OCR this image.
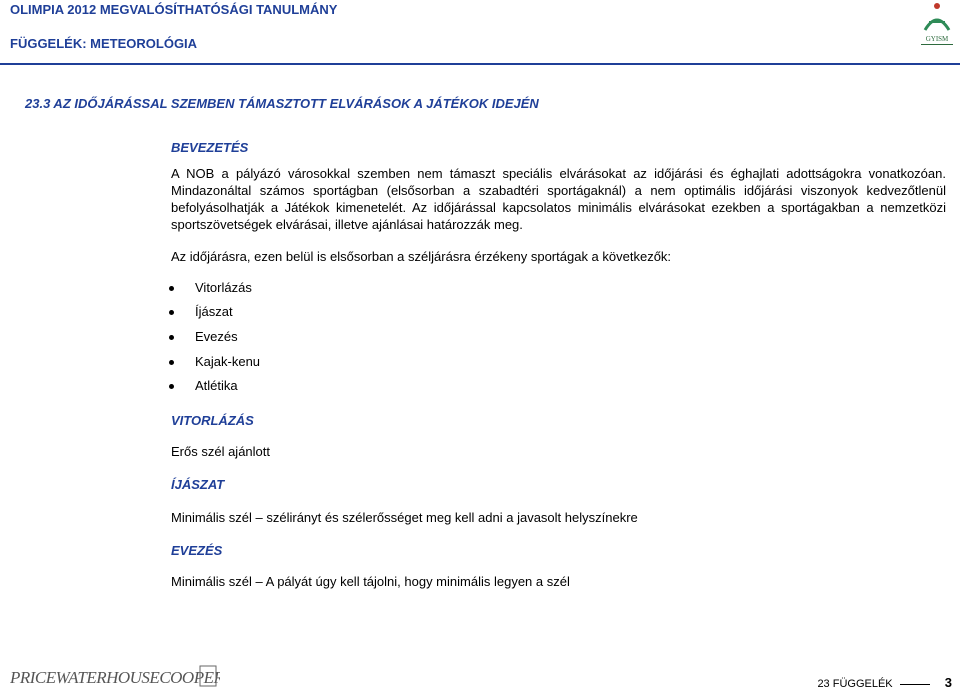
OLIMPIA 2012 MEGVALÓSÍTHATÓSÁGI TANULMÁNY
FÜGGELÉK: METEOROLÓGIA	GYISM
23.3 AZ IDŐJÁRÁSSAL SZEMBEN TÁMASZTOTT ELVÁRÁSOK A JÁTÉKOK IDEJÉN
BEVEZETÉS
A NOB a pályázó városokkal szemben nem támaszt speciális elvárásokat az időjárási és éghajlati adottságokra vonatkozóan. Mindazonáltal számos sportágban (elsősorban a szabadtéri sportágaknál) a nem optimális időjárási viszonyok kedvezőtlenül befolyásolhatják a Játékok kimenetelét. Az időjárással kapcsolatos minimális elvárásokat ezekben a sportágakban a nemzetközi sportszövetségek elvárásai, illetve ajánlásai határozzák meg.
Az időjárásra, ezen belül is elsősorban a széljárásra érzékeny sportágak a következők:
Vitorlázás
Íjászat
Evezés
Kajak-kenu
Atlétika
VITORLÁZÁS
Erős szél ajánlott
ÍJÁSZAT
Minimális szél – szélirányt és szélerősséget meg kell adni a javasolt helyszínekre
EVEZÉS
Minimális szél – A pályát úgy kell tájolni, hogy minimális legyen a szél
PRICEWATERHOUSECOOPERS	23 FÜGGELÉK	3
